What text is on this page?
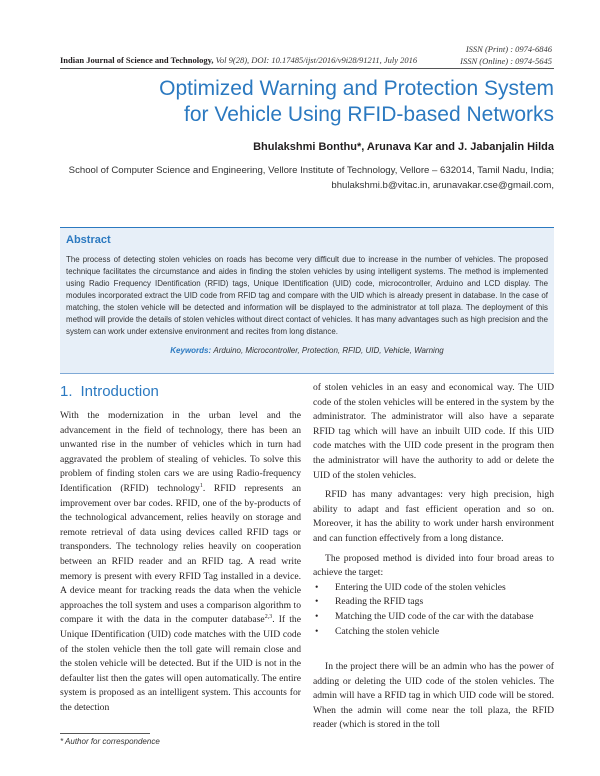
ISSN (Print) : 0974-6846
ISSN (Online) : 0974-5645
Indian Journal of Science and Technology, Vol 9(28), DOI: 10.17485/ijst/2016/v9i28/91211, July 2016
Optimized Warning and Protection System
for Vehicle Using RFID-based Networks
Bhulakshmi Bonthu*, Arunava Kar and J. Jabanjalin Hilda
School of Computer Science and Engineering, Vellore Institute of Technology, Vellore – 632014, Tamil Nadu, India;
bhulakshmi.b@vitac.in, arunavakar.cse@gmail.com,
Abstract
The process of detecting stolen vehicles on roads has become very difficult due to increase in the number of vehicles. The proposed technique facilitates the circumstance and aides in finding the stolen vehicles by using intelligent systems. The method is implemented using Radio Frequency IDentification (RFID) tags, Unique IDentification (UID) code, microcontroller, Arduino and LCD display. The modules incorporated extract the UID code from RFID tag and compare with the UID which is already present in database. In the case of matching, the stolen vehicle will be detected and information will be displayed to the administrator at toll plaza. The deployment of this method will provide the details of stolen vehicles without direct contact of vehicles. It has many advantages such as high precision and the system can work under extensive environment and recites from long distance.
Keywords: Arduino, Microcontroller, Protection, RFID, UID, Vehicle, Warning
1. Introduction

With the modernization in the urban level and the advancement in the field of technology, there has been an unwanted rise in the number of vehicles which in turn had aggravated the problem of stealing of vehicles. To solve this problem of finding stolen cars we are using Radio-frequency Identification (RFID) technology$^1$. RFID represents an improvement over bar codes. RFID, one of the by-products of the technological advancement, relies heavily on storage and remote retrieval of data using devices called RFID tags or transponders. The technology relies heavily on cooperation between an RFID reader and an RFID tag. A read write memory is present with every RFID Tag installed in a device. A device meant for tracking reads the data when the vehicle approaches the toll system and uses a comparison algorithm to compare it with the data in the computer database$^{2,3}$. If the Unique IDentification (UID) code matches with the UID code of the stolen vehicle then the toll gate will remain close and the stolen vehicle will be detected. But if the UID is not in the defaulter list then the gates will open automatically. The entire system is proposed as an intelligent system. This accounts for the detection

of stolen vehicles in an easy and economical way. The UID code of the stolen vehicles will be entered in the system by the administrator. The administrator will also have a separate RFID tag which will have an inbuilt UID code. If this UID code matches with the UID code present in the program then the administrator will have the authority to add or delete the UID of the stolen vehicles.

RFID has many advantages: very high precision, high ability to adapt and fast efficient operation and so on. Moreover, it has the ability to work under harsh environment and can function effectively from a long distance.

The proposed method is divided into four broad areas to achieve the target:

• Entering the UID code of the stolen vehicles
• Reading the RFID tags
• Matching the UID code of the car with the database
• Catching the stolen vehicle

In the project there will be an admin who has the power of adding or deleting the UID code of the stolen vehicles. The admin will have a RFID tag in which UID code will be stored. When the admin will come near the toll plaza, the RFID reader (which is stored in the toll

* Author for correspondence
